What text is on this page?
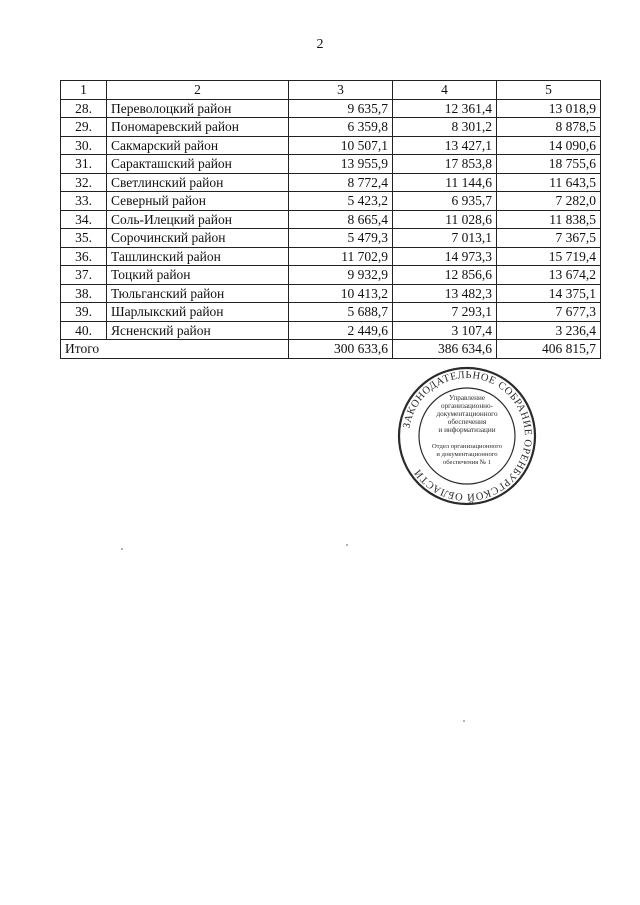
2
1	2	3	4	5
28.	Переволоцкий район	9 635,7	12 361,4	13 018,9
29.	Пономаревский район	6 359,8	8 301,2	8 878,5
30.	Сакмарский район	10 507,1	13 427,1	14 090,6
31.	Саракташский район	13 955,9	17 853,8	18 755,6
32.	Светлинский район	8 772,4	11 144,6	11 643,5
33.	Северный район	5 423,2	6 935,7	7 282,0
34.	Соль-Илецкий район	8 665,4	11 028,6	11 838,5
35.	Сорочинский район	5 479,3	7 013,1	7 367,5
36.	Ташлинский район	11 702,9	14 973,3	15 719,4
37.	Тоцкий район	9 932,9	12 856,6	13 674,2
38.	Тюльганский район	10 413,2	13 482,3	14 375,1
39.	Шарлыкский район	5 688,7	7 293,1	7 677,3
40.	Ясненский район	2 449,6	3 107,4	3 236,4
Итого		300 633,6	386 634,6	406 815,7
ЗАКОНОДАТЕЛЬНОЕ СОБРАНИЕ ОРЕНБУРГСКОЙ ОБЛАСТИ
Управление
организационно-
документационного
обеспечения
и информатизации
Отдел организационного
и документационного
обеспечения № 1
